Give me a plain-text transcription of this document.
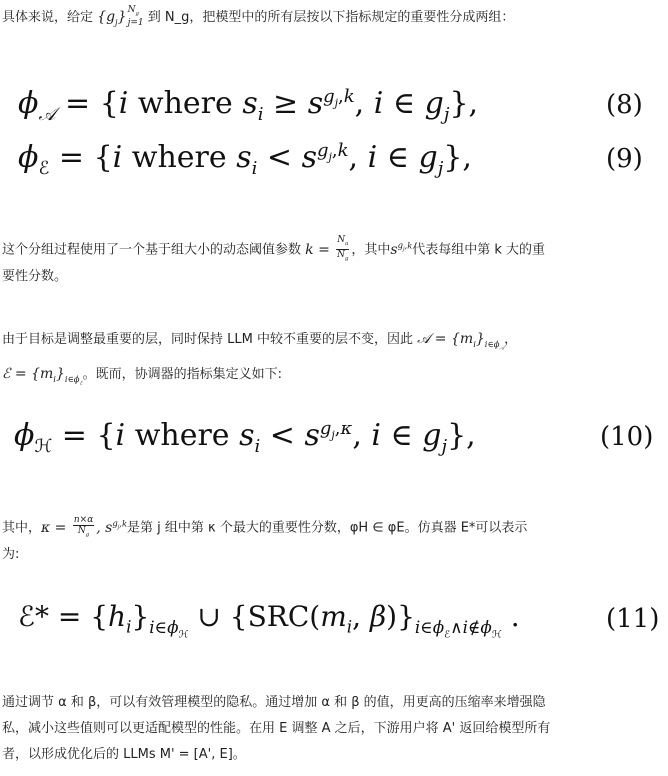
具体来说，给定 $\{g_j\}$ $N_g$
j=1 到 N_g，把模型中的所有层按以下指标规定的重要性分成两组：
$\phi_𝒜 = \{i$ where $s_i \ge s^{g_j,k}$, i ∈ $g_j$},	(8)
$\phi_ℰ = \{i$ where $s_i < s^{g_j,k}$, i ∈ $g_j$},	(9)
这个分组过程使用了一个基于组大小的动态阈值参数 $k = \frac{N_a}{N_g}$ ，其中$s^{g_j,k}$代表每组中第 k 大的重
要性分数。
由于目标是调整最重要的层，同时保持 LLM 中较不重要的层不变，因此 𝒜 = $\{m_i\}_{i\in\phi_𝒜}$，
ℰ = $\{m_i\}_{i\in\phi_ℰ}$。既而，协调器的指标集定义如下:
$\phi_ℋ = \{i$ where $s_i < s^{g_j,\kappa}$, i ∈ $g_j$},	(10)
其中，$\kappa = \frac{n\times\alpha}{N_g}$ , $s^{g_j,k}$是第 j 组中第 κ 个最大的重要性分数，φH ∈ φE。仿真器 E*可以表示
为:
ℰ* = $\{h_i\}_{i\in\phi_ℋ}$ ∪ {$SRC(m_i$, $\beta)\}_{i\in\phi_ℰ\wedge i\notin\phi_ℋ}$ .	(11)
通过调节 α 和 β，可以有效管理模型的隐私。通过增加 α 和 β 的值，用更高的压缩率来增强隐
私，减小这些值则可以更适配模型的性能。在用 E 调整 A 之后，下游用户将 A' 返回给模型所有
者，以形成优化后的 LLMs M' = [A', E]。
